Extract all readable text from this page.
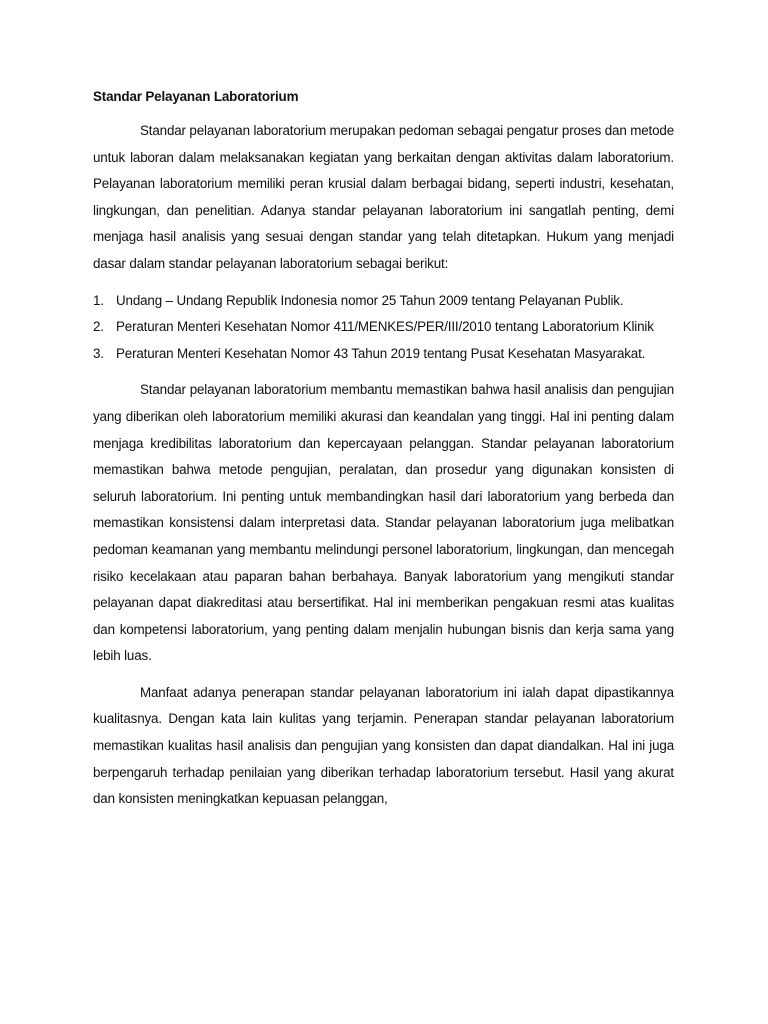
Standar Pelayanan Laboratorium

Standar pelayanan laboratorium merupakan pedoman sebagai pengatur proses dan metode untuk laboran dalam melaksanakan kegiatan yang berkaitan dengan aktivitas dalam laboratorium. Pelayanan laboratorium memiliki peran krusial dalam berbagai bidang, seperti industri, kesehatan, lingkungan, dan penelitian. Adanya standar pelayanan laboratorium ini sangatlah penting, demi menjaga hasil analisis yang sesuai dengan standar yang telah ditetapkan. Hukum yang menjadi dasar dalam standar pelayanan laboratorium sebagai berikut:

1. Undang – Undang Republik Indonesia nomor 25 Tahun 2009 tentang Pelayanan Publik.
2. Peraturan Menteri Kesehatan Nomor 411/MENKES/PER/III/2010 tentang Laboratorium Klinik
3. Peraturan Menteri Kesehatan Nomor 43 Tahun 2019 tentang Pusat Kesehatan Masyarakat.

Standar pelayanan laboratorium membantu memastikan bahwa hasil analisis dan pengujian yang diberikan oleh laboratorium memiliki akurasi dan keandalan yang tinggi. Hal ini penting dalam menjaga kredibilitas laboratorium dan kepercayaan pelanggan. Standar pelayanan laboratorium memastikan bahwa metode pengujian, peralatan, dan prosedur yang digunakan konsisten di seluruh laboratorium. Ini penting untuk membandingkan hasil dari laboratorium yang berbeda dan memastikan konsistensi dalam interpretasi data. Standar pelayanan laboratorium juga melibatkan pedoman keamanan yang membantu melindungi personel laboratorium, lingkungan, dan mencegah risiko kecelakaan atau paparan bahan berbahaya. Banyak laboratorium yang mengikuti standar pelayanan dapat diakreditasi atau bersertifikat. Hal ini memberikan pengakuan resmi atas kualitas dan kompetensi laboratorium, yang penting dalam menjalin hubungan bisnis dan kerja sama yang lebih luas.

Manfaat adanya penerapan standar pelayanan laboratorium ini ialah dapat dipastikannya kualitasnya. Dengan kata lain kulitas yang terjamin. Penerapan standar pelayanan laboratorium memastikan kualitas hasil analisis dan pengujian yang konsisten dan dapat diandalkan. Hal ini juga berpengaruh terhadap penilaian yang diberikan terhadap laboratorium tersebut. Hasil yang akurat dan konsisten meningkatkan kepuasan pelanggan,
